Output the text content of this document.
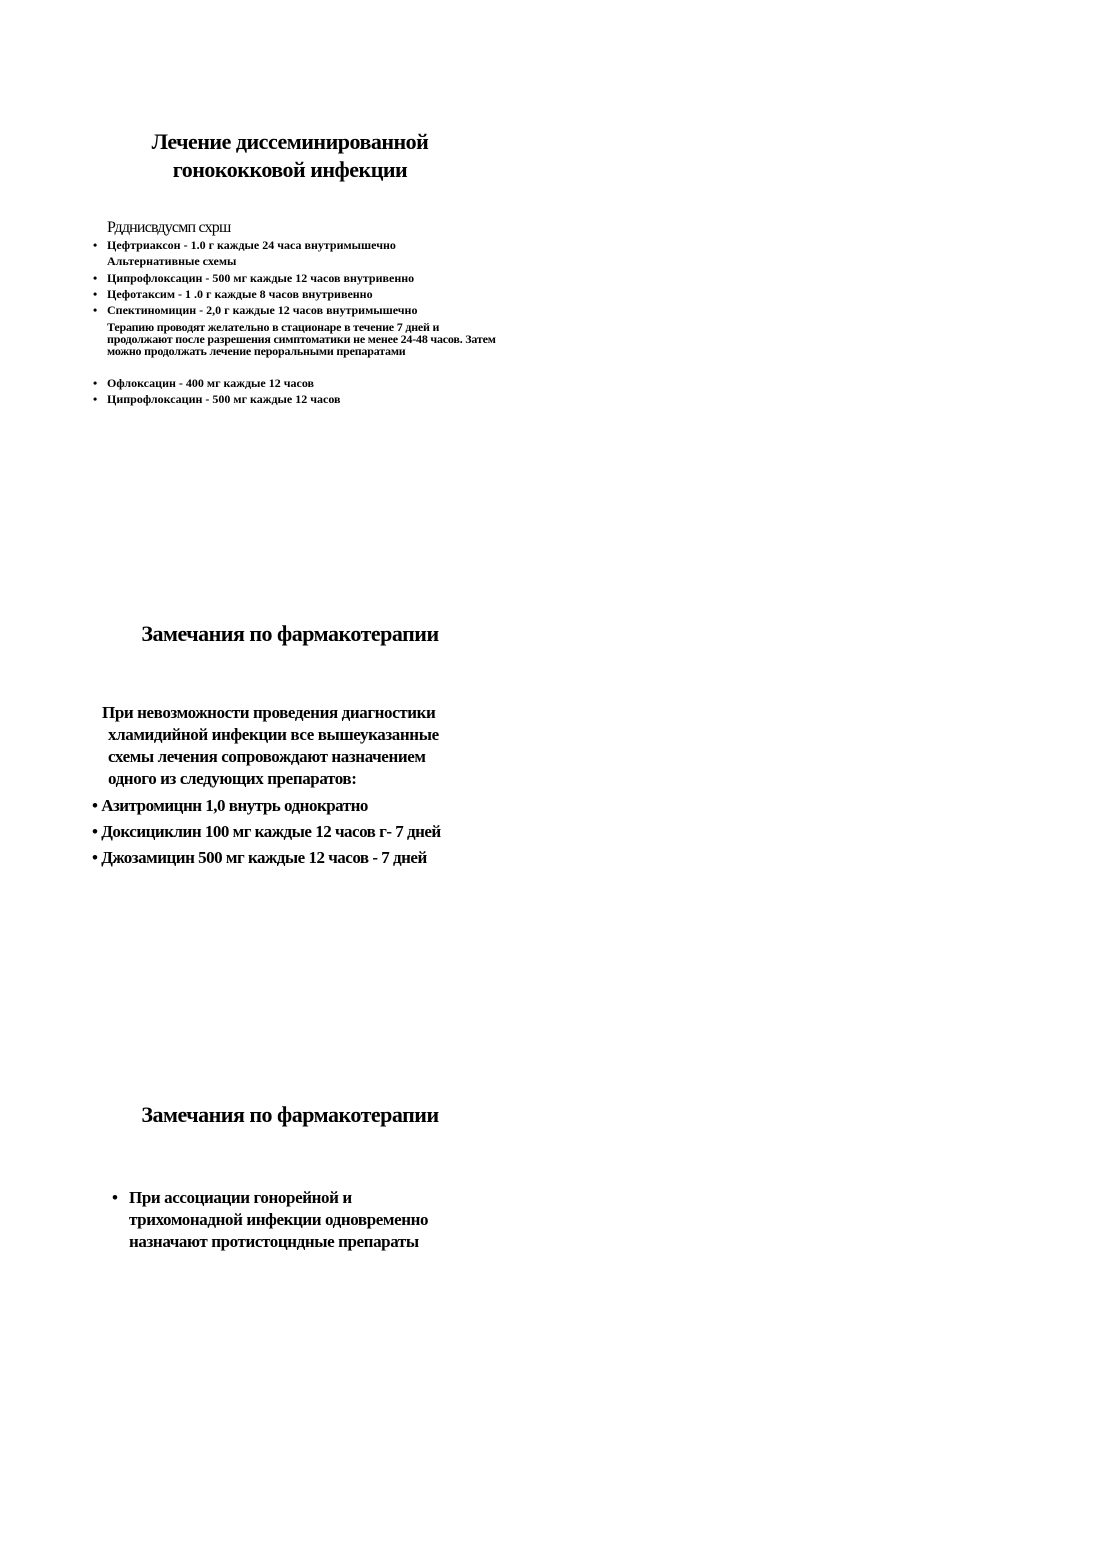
Лечение диссеминированной
гонококковой инфекции
Рддниcвдусмп схрш
• Цефтриаксон - 1.0 г каждые 24 часа внутримышечно
Альтернативные схемы
• Ципрофлоксацин - 500 мг каждые 12 часов внутривенно
• Цефотаксим - 1 .0 г каждые 8 часов внутривенно
• Спектиномицин - 2,0 г каждые 12 часов внутримышечно
Терапию проводят желательно в стационаре в течение 7 дней и продолжают после разрешения симптоматики не менее 24-48 часов. Затем можно продолжать лечение пероральными препаратами
• Офлоксацин - 400 мг каждые 12 часов
• Ципрофлоксацин - 500 мг каждые 12 часов
Замечания по фармакотерапии
При невозможности проведения диагностики
хламидийной инфекции все вышеуказанные
схемы лечения сопровождают назначением
одного из следующих препаратов:
• Азитромицнн 1,0 внутрь однократно
• Доксициклин 100 мг каждые 12 часов г- 7 дней
• Джозамицин 500 мг каждые 12 часов - 7 дней
Замечания по фармакотерапии
• При ассоциации гонорейной и
трихомонадной инфекции одновременно
назначают протистоцндные препараты
